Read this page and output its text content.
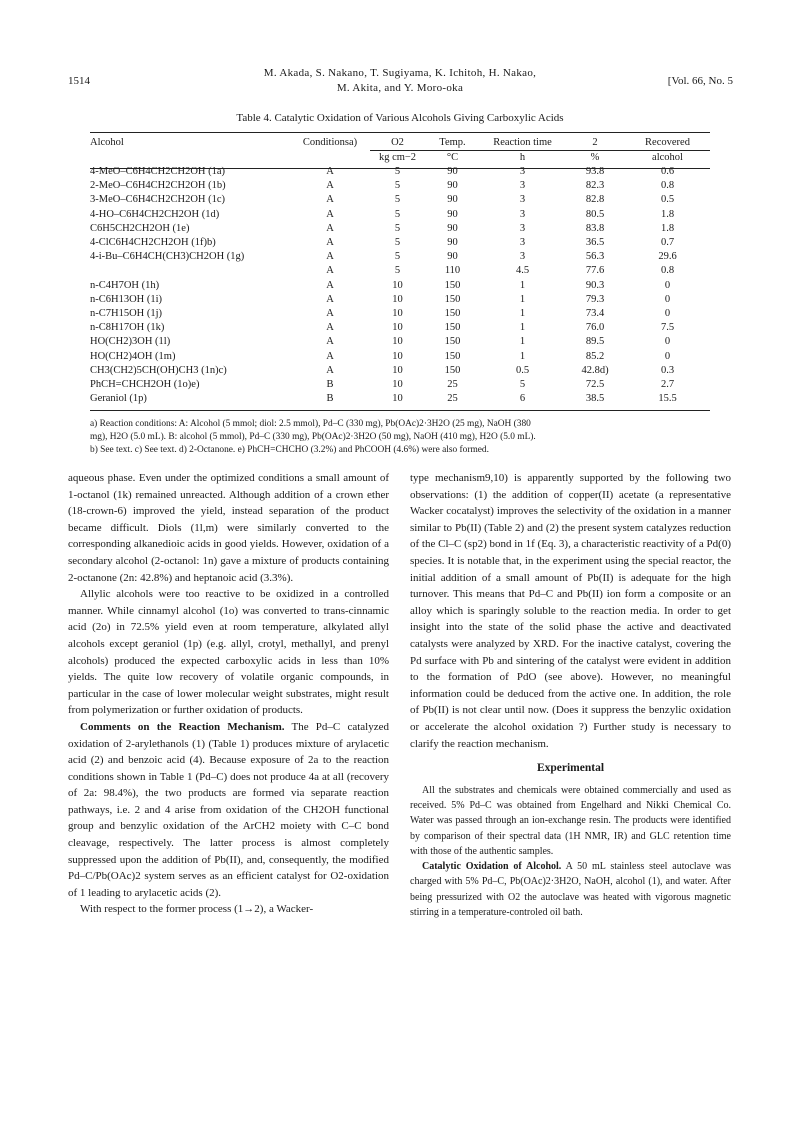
1514
M. Akada, S. Nakano, T. Sugiyama, K. Ichitoh, H. Nakao,
M. Akita, and Y. Moro-oka
[Vol. 66, No. 5
Table 4. Catalytic Oxidation of Various Alcohols Giving Carboxylic Acids
Alcohol	Conditionsa)	O2	Temp.	Reaction time	2	Recovered
		kg cm−2	°C	h	%	alcohol
4-MeO–C6H4CH2CH2OH (1a)	A	5	90	3	93.8	0.6
2-MeO–C6H4CH2CH2OH (1b)	A	5	90	3	82.3	0.8
3-MeO–C6H4CH2CH2OH (1c)	A	5	90	3	82.8	0.5
4-HO–C6H4CH2CH2OH (1d)	A	5	90	3	80.5	1.8
C6H5CH2CH2OH (1e)	A	5	90	3	83.8	1.8
4-ClC6H4CH2CH2OH (1f)b)	A	5	90	3	36.5	0.7
4-i-Bu–C6H4CH(CH3)CH2OH (1g)	A	5	90	3	56.3	29.6
	A	5	110	4.5	77.6	0.8
n-C4H7OH (1h)	A	10	150	1	90.3	0
n-C6H13OH (1i)	A	10	150	1	79.3	0
n-C7H15OH (1j)	A	10	150	1	73.4	0
n-C8H17OH (1k)	A	10	150	1	76.0	7.5
HO(CH2)3OH (1l)	A	10	150	1	89.5	0
HO(CH2)4OH (1m)	A	10	150	1	85.2	0
CH3(CH2)5CH(OH)CH3 (1n)c)	A	10	150	0.5	42.8d)	0.3
PhCH=CHCH2OH (1o)e)	B	10	25	5	72.5	2.7
Geraniol (1p)	B	10	25	6	38.5	15.5
a) Reaction conditions: A: Alcohol (5 mmol; diol: 2.5 mmol), Pd–C (330 mg), Pb(OAc)2·3H2O (25 mg), NaOH (380
mg), H2O (5.0 mL). B: alcohol (5 mmol), Pd–C (330 mg), Pb(OAc)2·3H2O (50 mg), NaOH (410 mg), H2O (5.0 mL).
b) See text. c) See text. d) 2-Octanone. e) PhCH=CHCHO (3.2%) and PhCOOH (4.6%) were also formed.

aqueous phase. Even under the optimized conditions a small amount of 1-octanol (1k) remained unreacted. Although addition of a crown ether (18-crown-6) improved the yield, instead separation of the product became difficult. Diols (1l,m) were similarly converted to the corresponding alkanedioic acids in good yields. However, oxidation of a secondary alcohol (2-octanol: 1n) gave a mixture of products containing 2-octanone (2n: 42.8%) and heptanoic acid (3.3%).

Allylic alcohols were too reactive to be oxidized in a controlled manner. While cinnamyl alcohol (1o) was converted to trans-cinnamic acid (2o) in 72.5% yield even at room temperature, alkylated allyl alcohols except geraniol (1p) (e.g. allyl, crotyl, methallyl, and prenyl alcohols) produced the expected carboxylic acids in less than 10% yields. The quite low recovery of volatile organic compounds, in particular in the case of lower molecular weight substrates, might result from polymerization or further oxidation of products.

Comments on the Reaction Mechanism. The Pd–C catalyzed oxidation of 2-arylethanols (1) (Table 1) produces mixture of arylacetic acid (2) and benzoic acid (4). Because exposure of 2a to the reaction conditions shown in Table 1 (Pd–C) does not produce 4a at all (recovery of 2a: 98.4%), the two products are formed via separate reaction pathways, i.e. 2 and 4 arise from oxidation of the CH2OH functional group and benzylic oxidation of the ArCH2 moiety with C–C bond cleavage, respectively. The latter process is almost completely suppressed upon the addition of Pb(II), and, consequently, the modified Pd–C/Pb(OAc)2 system serves as an efficient catalyst for O2-oxidation of 1 leading to arylacetic acids (2).

With respect to the former process (1→2), a Wacker-

type mechanism9,10) is apparently supported by the following two observations: (1) the addition of copper(II) acetate (a representative Wacker cocatalyst) improves the selectivity of the oxidation in a manner similar to Pb(II) (Table 2) and (2) the present system catalyzes reduction of the Cl–C (sp2) bond in 1f (Eq. 3), a characteristic reactivity of a Pd(0) species. It is notable that, in the experiment using the special reactor, the initial addition of a small amount of Pb(II) is adequate for the high turnover. This means that Pd–C and Pb(II) ion form a composite or an alloy which is sparingly soluble to the reaction media. In order to get insight into the state of the solid phase the active and deactivated catalysts were analyzed by XRD. For the inactive catalyst, covering the Pd surface with Pb and sintering of the catalyst were evident in addition to the formation of PdO (see above). However, no meaningful information could be deduced from the active one. In addition, the role of Pb(II) is not clear until now. (Does it suppress the benzylic oxidation or accelerate the alcohol oxidation ?) Further study is necessary to clarify the reaction mechanism.

Experimental

All the substrates and chemicals were obtained commercially and used as received. 5% Pd–C was obtained from Engelhard and Nikki Chemical Co. Water was passed through an ion-exchange resin. The products were identified by comparison of their spectral data (1H NMR, IR) and GLC retention time with those of the authentic samples.

Catalytic Oxidation of Alcohol. A 50 mL stainless steel autoclave was charged with 5% Pd–C, Pb(OAc)2·3H2O, NaOH, alcohol (1), and water. After being pressurized with O2 the autoclave was heated with vigorous magnetic stirring in a temperature-controled oil bath.
